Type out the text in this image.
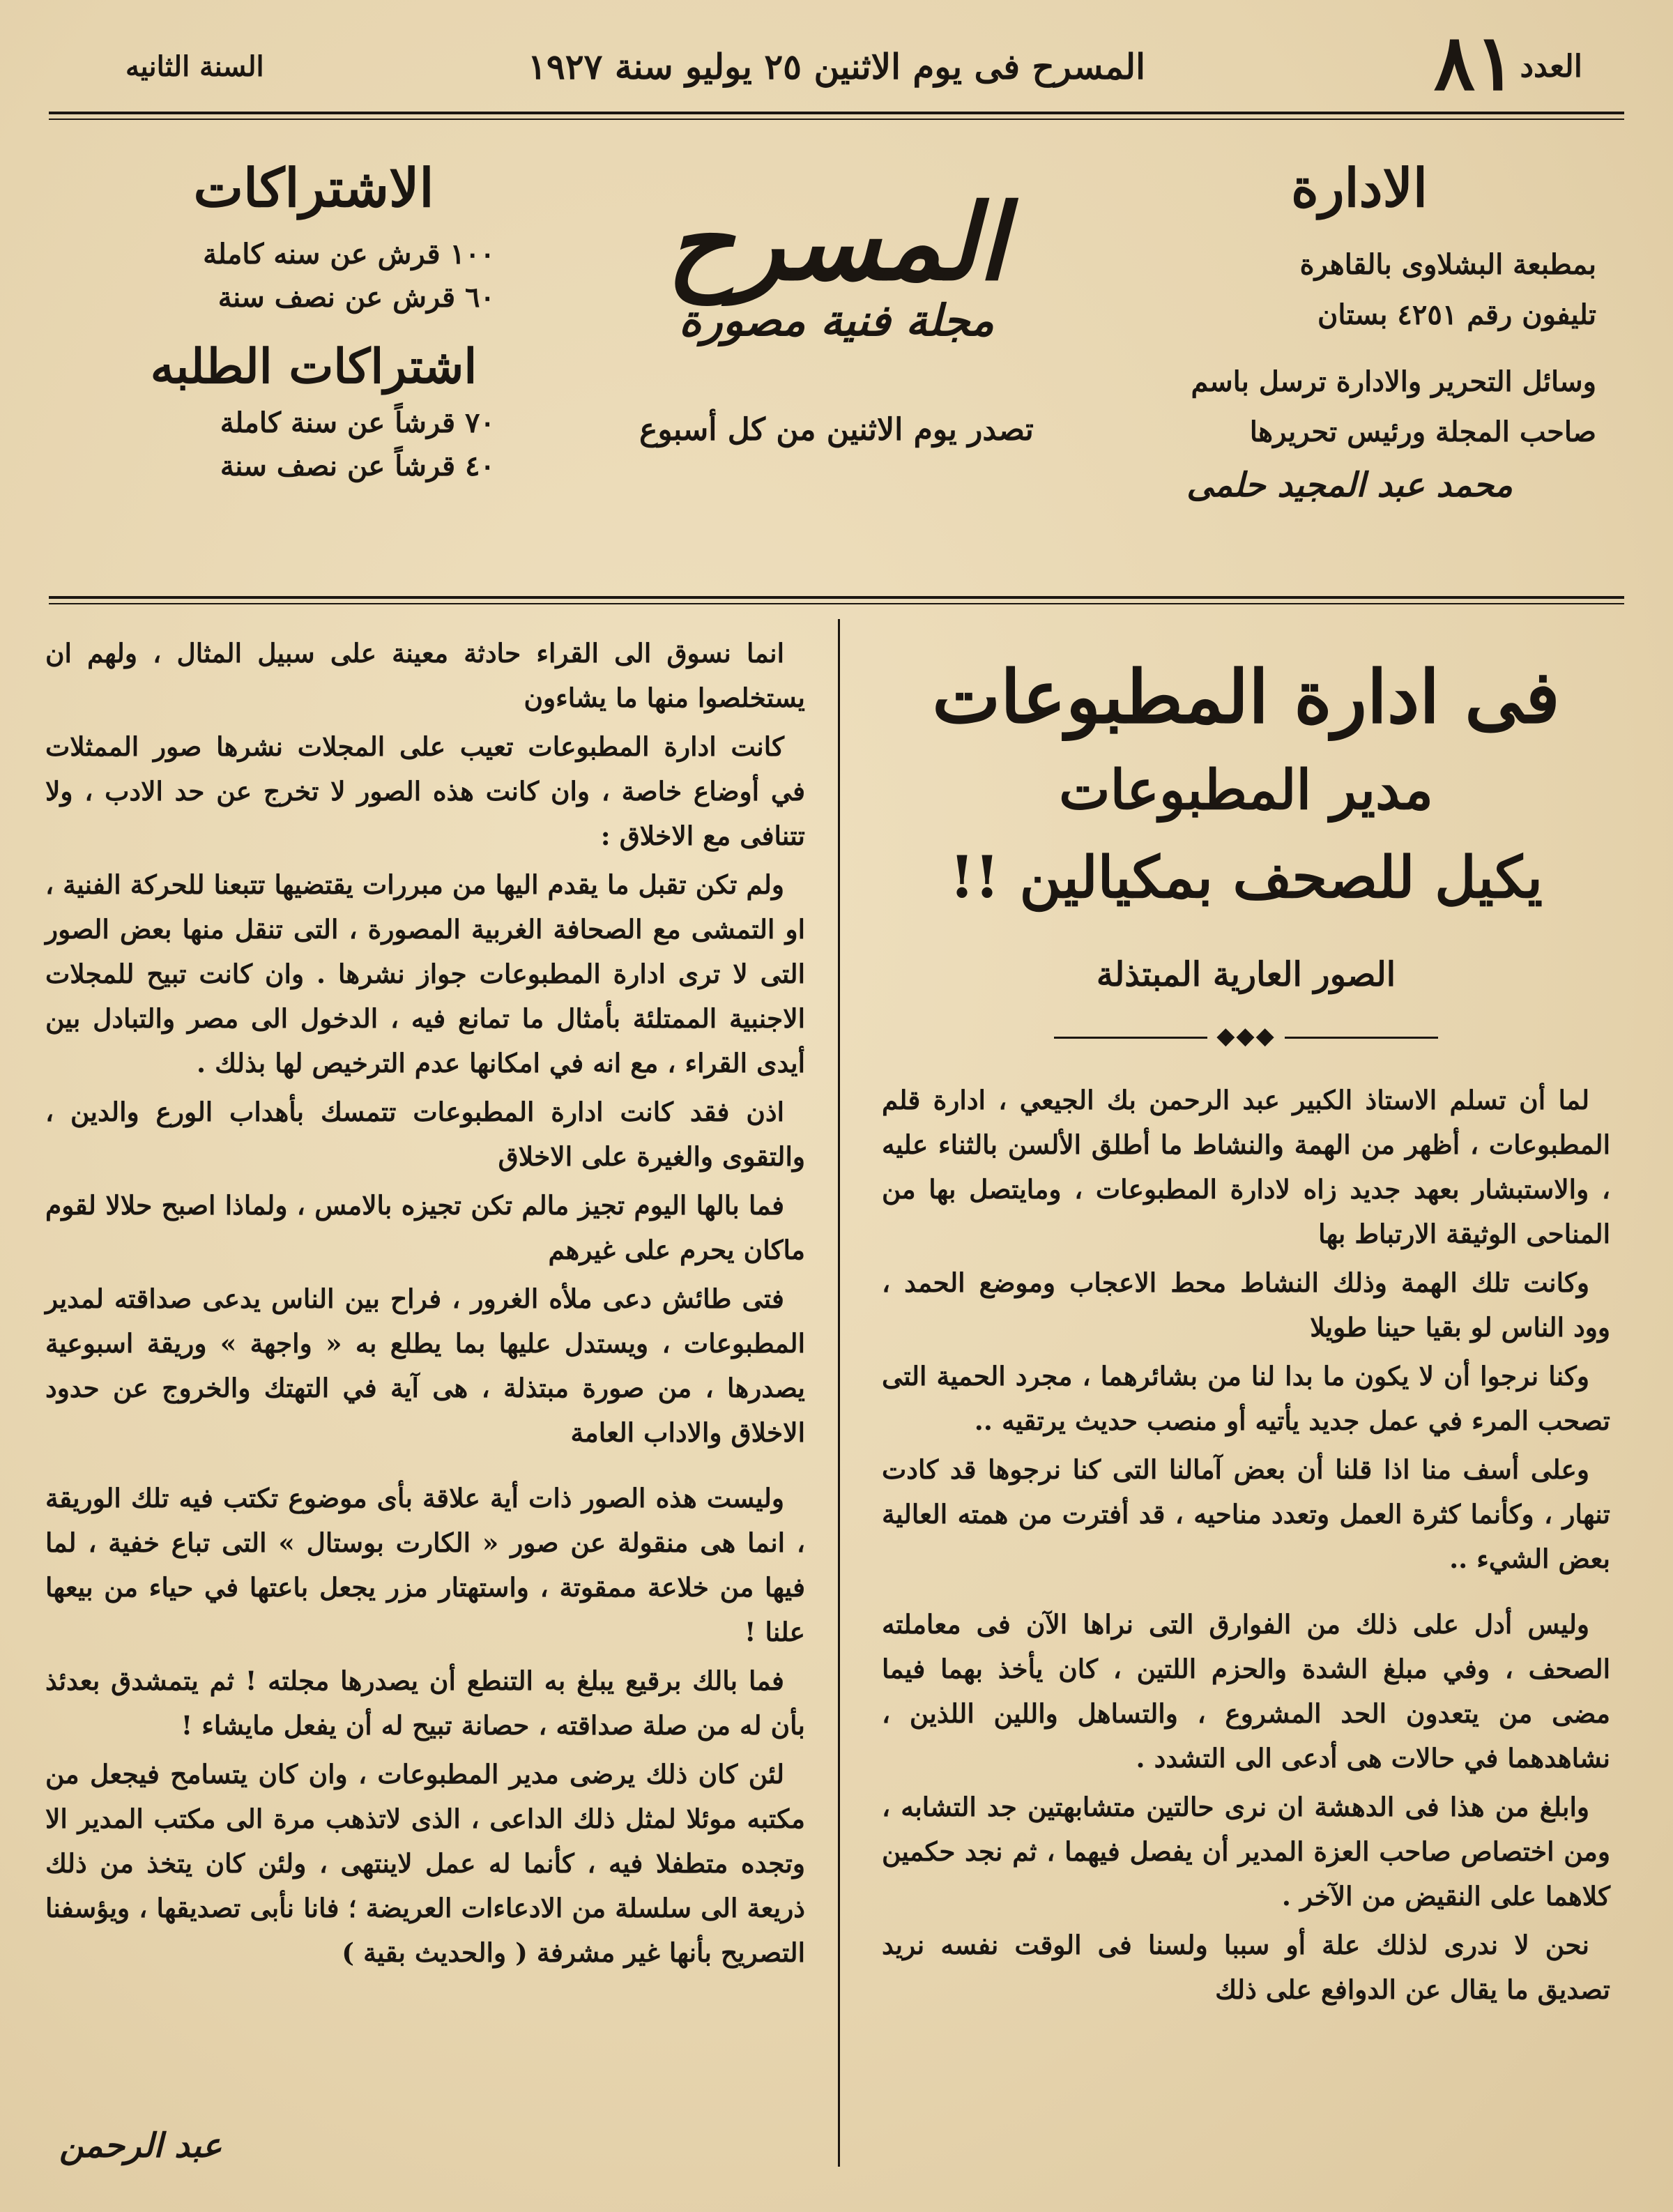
العدد
٨١
المسرح فى يوم الاثنين ٢٥ يوليو سنة ١٩٢٧
السنة الثانيه
الادارة
بمطبعة البشلاوى بالقاهرة
تليفون رقم ٤٢٥١ بستان
وسائل التحرير والادارة ترسل باسم
صاحب المجلة ورئيس تحريرها
محمد عبد المجيد حلمى
المسرح
مجلة فنية مصورة
تصدر يوم الاثنين من كل أسبوع
الاشتراكات
١٠٠ قرش عن سنه كاملة
٦٠ قرش عن نصف سنة
اشتراكات الطلبه
٧٠ قرشاً عن سنة كاملة
٤٠ قرشاً عن نصف سنة
فى ادارة المطبوعات
مدير المطبوعات
يكيل للصحف بمكيالين !!
الصور العارية المبتذلة
◆◆◆

لما أن تسلم الاستاذ الكبير عبد الرحمن بك الجيعي ، ادارة قلم المطبوعات ، أظهر من الهمة والنشاط ما أطلق الألسن بالثناء عليه ، والاستبشار بعهد جديد زاه لادارة المطبوعات ، ومايتصل بها من المناحى الوثيقة الارتباط بها

وكانت تلك الهمة وذلك النشاط محط الاعجاب وموضع الحمد ، وود الناس لو بقيا حينا طويلا

وكنا نرجوا أن لا يكون ما بدا لنا من بشائرهما ، مجرد الحمية التى تصحب المرء في عمل جديد يأتيه أو منصب حديث يرتقيه ..

وعلى أسف منا اذا قلنا أن بعض آمالنا التى كنا نرجوها قد كادت تنهار ، وكأنما كثرة العمل وتعدد مناحيه ، قد أفترت من همته العالية بعض الشيء ..

وليس أدل على ذلك من الفوارق التى نراها الآن فى معاملته الصحف ، وفي مبلغ الشدة والحزم اللتين ، كان يأخذ بهما فيما مضى من يتعدون الحد المشروع ، والتساهل واللين اللذين ، نشاهدهما في حالات هى أدعى الى التشدد .

وابلغ من هذا فى الدهشة ان نرى حالتين متشابهتين جد التشابه ، ومن اختصاص صاحب العزة المدير أن يفصل فيهما ، ثم نجد حكمين كلاهما على النقيض من الآخر .

نحن لا ندرى لذلك علة أو سببا ولسنا فى الوقت نفسه نريد تصديق ما يقال عن الدوافع على ذلك

انما نسوق الى القراء حادثة معينة على سبيل المثال ، ولهم ان يستخلصوا منها ما يشاءون

كانت ادارة المطبوعات تعيب على المجلات نشرها صور الممثلات في أوضاع خاصة ، وان كانت هذه الصور لا تخرج عن حد الادب ، ولا تتنافى مع الاخلاق :

ولم تكن تقبل ما يقدم اليها من مبررات يقتضيها تتبعنا للحركة الفنية ، او التمشى مع الصحافة الغربية المصورة ، التى تنقل منها بعض الصور التى لا ترى ادارة المطبوعات جواز نشرها . وان كانت تبيح للمجلات الاجنبية الممتلئة بأمثال ما تمانع فيه ، الدخول الى مصر والتبادل بين أيدى القراء ، مع انه في امكانها عدم الترخيص لها بذلك .

اذن فقد كانت ادارة المطبوعات تتمسك بأهداب الورع والدين ، والتقوى والغيرة على الاخلاق

فما بالها اليوم تجيز مالم تكن تجيزه بالامس ، ولماذا اصبح حلالا لقوم ماكان يحرم على غيرهم

فتى طائش دعى ملأه الغرور ، فراح بين الناس يدعى صداقته لمدير المطبوعات ، ويستدل عليها بما يطلع به « واجهة » وريقة اسبوعية يصدرها ، من صورة مبتذلة ، هى آية في التهتك والخروج عن حدود الاخلاق والاداب العامة

وليست هذه الصور ذات أية علاقة بأى موضوع تكتب فيه تلك الوريقة ، انما هى منقولة عن صور « الكارت بوستال » التى تباع خفية ، لما فيها من خلاعة ممقوتة ، واستهتار مزر يجعل باعتها في حياء من بيعها علنا !

فما بالك برقيع يبلغ به التنطع أن يصدرها مجلته ! ثم يتمشدق بعدئذ بأن له من صلة صداقته ، حصانة تبيح له أن يفعل مايشاء !

لئن كان ذلك يرضى مدير المطبوعات ، وان كان يتسامح فيجعل من مكتبه موئلا لمثل ذلك الداعى ، الذى لاتذهب مرة الى مكتب المدير الا وتجده متطفلا فيه ، كأنما له عمل لاينتهى ، ولئن كان يتخذ من ذلك ذريعة الى سلسلة من الادعاءات العريضة ؛ فانا نأبى تصديقها ، ويؤسفنا التصريح بأنها غير مشرفة ( والحديث بقية )

عبد الرحمن
